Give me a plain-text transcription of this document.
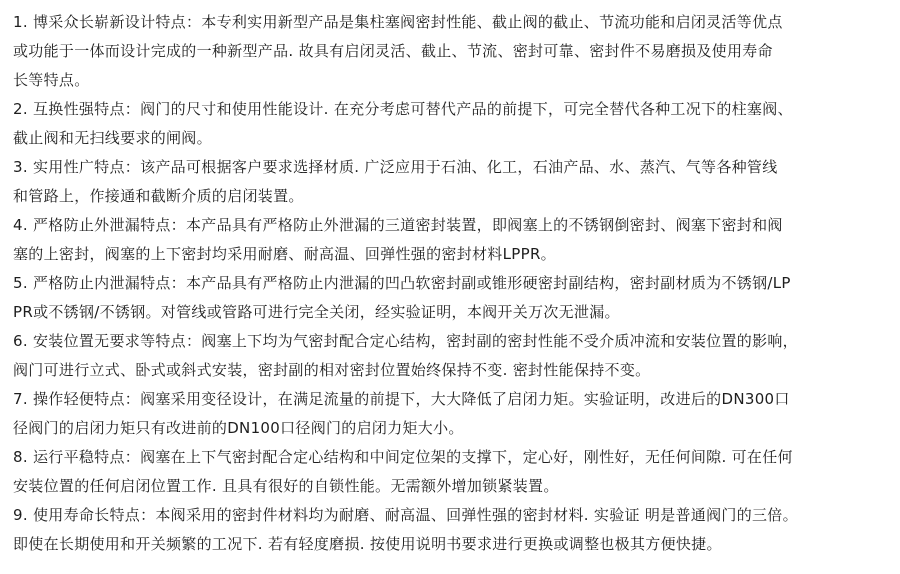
1. 博采众长崭新设计特点：本专利实用新型产品是集柱塞阀密封性能、截止阀的截止、节流功能和启闭灵活等优点
或功能于一体而设计完成的一种新型产品. 故具有启闭灵活、截止、节流、密封可靠、密封件不易磨损及使用寿命
长等特点。
2. 互换性强特点：阀门的尺寸和使用性能设计. 在充分考虑可替代产品的前提下，可完全替代各种工况下的柱塞阀、
截止阀和无扫线要求的闸阀。
3. 实用性广特点：该产品可根据客户要求选择材质. 广泛应用于石油、化工，石油产品、水、蒸汽、气等各种管线
和管路上，作接通和截断介质的启闭装置。
4. 严格防止外泄漏特点：本产品具有严格防止外泄漏的三道密封装置，即阀塞上的不锈钢倒密封、阀塞下密封和阀
塞的上密封，阀塞的上下密封均采用耐磨、耐高温、回弹性强的密封材料LPPR。
5. 严格防止内泄漏特点：本产品具有严格防止内泄漏的凹凸软密封副或锥形硬密封副结构，密封副材质为不锈钢/LP
PR或不锈钢/不锈钢。对管线或管路可进行完全关闭，经实验证明，本阀开关万次无泄漏。
6. 安装位置无要求等特点：阀塞上下均为气密封配合定心结构，密封副的密封性能不受介质冲流和安装位置的影响，
阀门可进行立式、卧式或斜式安装，密封副的相对密封位置始终保持不变. 密封性能保持不变。
7. 操作轻便特点：阀塞采用变径设计，在满足流量的前提下，大大降低了启闭力矩。实验证明，改进后的DN300口
径阀门的启闭力矩只有改进前的DN100口径阀门的启闭力矩大小。
8. 运行平稳特点：阀塞在上下气密封配合定心结构和中间定位架的支撑下，定心好，刚性好，无任何间隙. 可在任何
安装位置的任何启闭位置工作. 且具有很好的自锁性能。无需额外增加锁紧装置。
9. 使用寿命长特点：本阀采用的密封件材料均为耐磨、耐高温、回弹性强的密封材料. 实验证 明是普通阀门的三倍。
即使在长期使用和开关频繁的工况下. 若有轻度磨损. 按使用说明书要求进行更换或调整也极其方便快捷。
